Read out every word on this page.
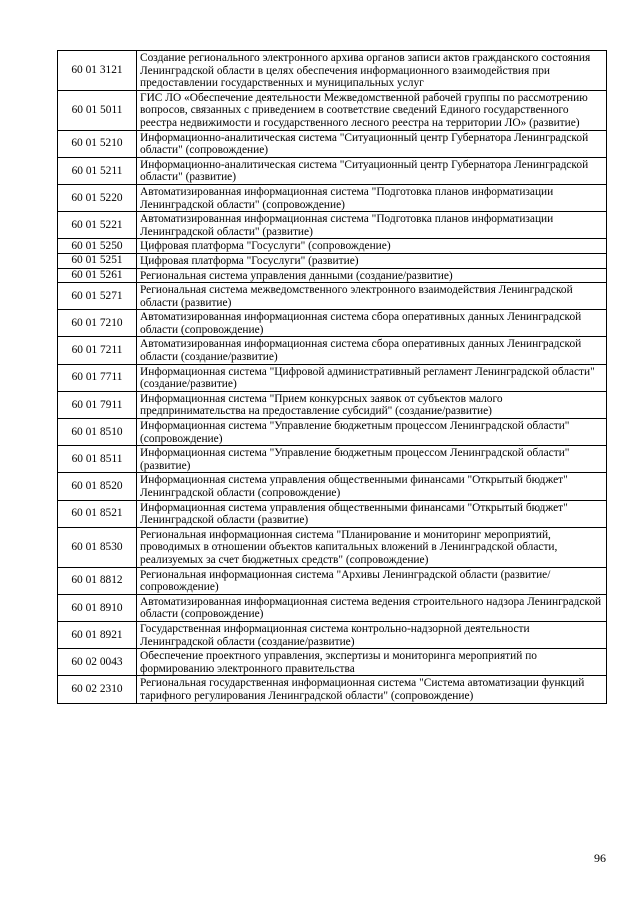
60 01 3121	Создание регионального электронного архива органов записи актов гражданского состояния Ленинградской области в целях обеспечения информационного взаимодействия при предоставлении государственных и муниципальных услуг
60 01 5011	ГИС ЛО «Обеспечение деятельности Межведомственной рабочей группы по рассмотрению вопросов, связанных с приведением в соответствие сведений Единого государственного реестра недвижимости и государственного лесного реестра на территории ЛО» (развитие)
60 01 5210	Информационно-аналитическая система "Ситуационный центр Губернатора Ленинградской области" (сопровождение)
60 01 5211	Информационно-аналитическая система "Ситуационный центр Губернатора Ленинградской области" (развитие)
60 01 5220	Автоматизированная информационная система "Подготовка планов информатизации Ленинградской области" (сопровождение)
60 01 5221	Автоматизированная информационная система "Подготовка планов информатизации Ленинградской области" (развитие)
60 01 5250	Цифровая платформа "Госуслуги" (сопровождение)
60 01 5251	Цифровая платформа "Госуслуги" (развитие)
60 01 5261	Региональная система управления данными (создание/развитие)
60 01 5271	Региональная система межведомственного электронного взаимодействия Ленинградской области (развитие)
60 01 7210	Автоматизированная информационная система сбора оперативных данных Ленинградской области (сопровождение)
60 01 7211	Автоматизированная информационная система сбора оперативных данных Ленинградской области (создание/развитие)
60 01 7711	Информационная система "Цифровой административный регламент Ленинградской области" (создание/развитие)
60 01 7911	Информационная система "Прием конкурсных заявок от субъектов малого предпринимательства на предоставление субсидий" (создание/развитие)
60 01 8510	Информационная система "Управление бюджетным процессом Ленинградской области" (сопровождение)
60 01 8511	Информационная система "Управление бюджетным процессом Ленинградской области" (развитие)
60 01 8520	Информационная система управления общественными финансами "Открытый бюджет" Ленинградской области (сопровождение)
60 01 8521	Информационная система управления общественными финансами "Открытый бюджет" Ленинградской области (развитие)
60 01 8530	Региональная информационная система "Планирование и мониторинг мероприятий, проводимых в отношении объектов капитальных вложений в Ленинградской области, реализуемых за счет бюджетных средств" (сопровождение)
60 01 8812	Региональная информационная система "Архивы Ленинградской области (развитие/сопровождение)
60 01 8910	Автоматизированная информационная система ведения строительного надзора Ленинградской области (сопровождение)
60 01 8921	Государственная информационная система контрольно-надзорной деятельности Ленинградской области (создание/развитие)
60 02 0043	Обеспечение проектного управления, экспертизы и мониторинга мероприятий по формированию электронного правительства
60 02 2310	Региональная государственная информационная система "Система автоматизации функций тарифного регулирования Ленинградской области" (сопровождение)
96
